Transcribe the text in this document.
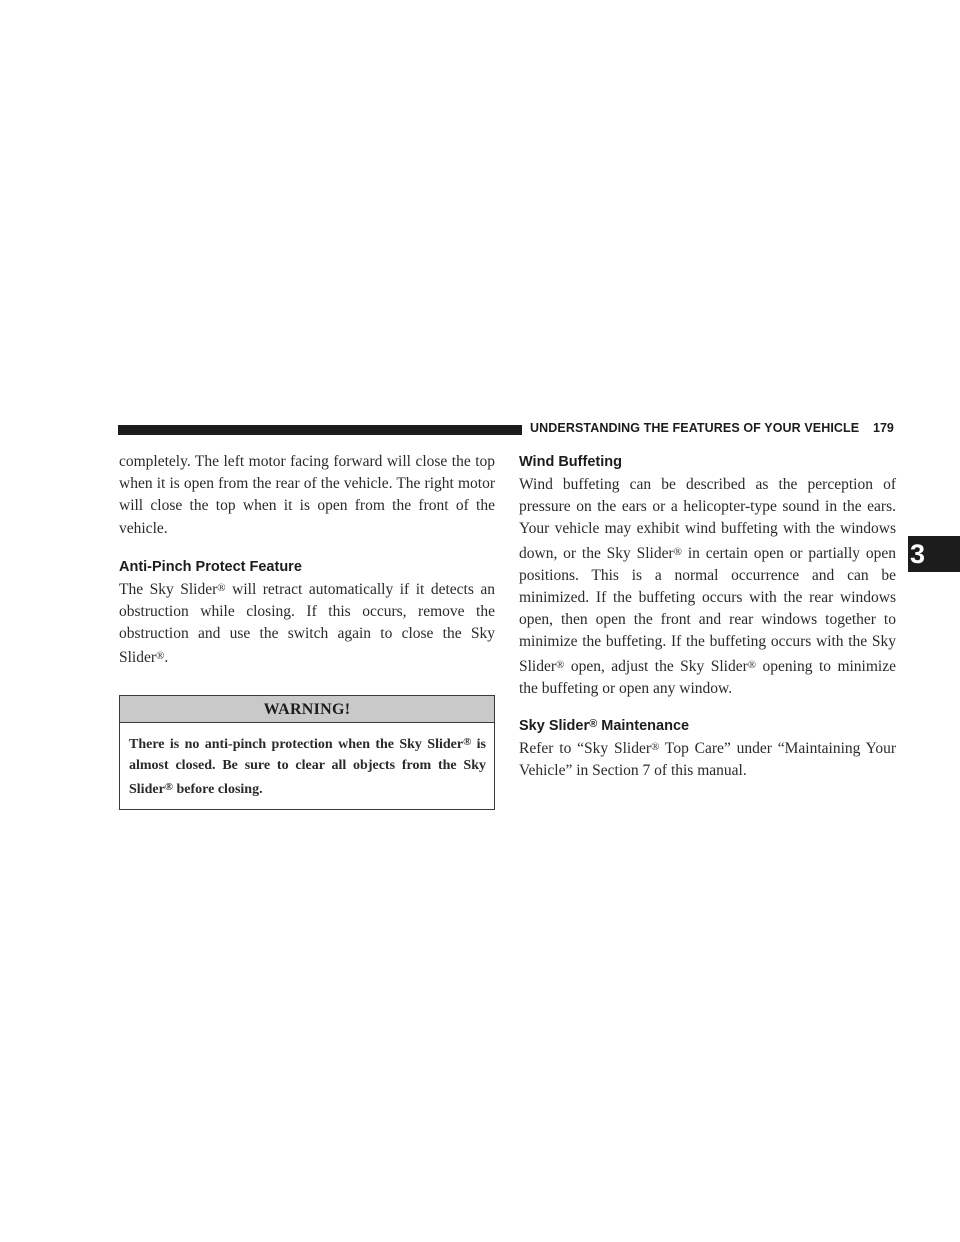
UNDERSTANDING THE FEATURES OF YOUR VEHICLE 179
3

completely. The left motor facing forward will close the top when it is open from the rear of the vehicle. The right motor will close the top when it is open from the front of the vehicle.

Anti-Pinch Protect Feature

The Sky Slider® will retract automatically if it detects an obstruction while closing. If this occurs, remove the obstruction and use the switch again to close the Sky Slider®.

WARNING!
There is no anti-pinch protection when the Sky Slider® is almost closed. Be sure to clear all objects from the Sky Slider® before closing.
Wind Buffeting

Wind buffeting can be described as the perception of pressure on the ears or a helicopter-type sound in the ears. Your vehicle may exhibit wind buffeting with the windows down, or the Sky Slider® in certain open or partially open positions. This is a normal occurrence and can be minimized. If the buffeting occurs with the rear windows open, then open the front and rear windows together to minimize the buffeting. If the buffeting occurs with the Sky Slider® open, adjust the Sky Slider® opening to minimize the buffeting or open any window.

Sky Slider® Maintenance

Refer to “Sky Slider® Top Care” under “Maintaining Your Vehicle” in Section 7 of this manual.
